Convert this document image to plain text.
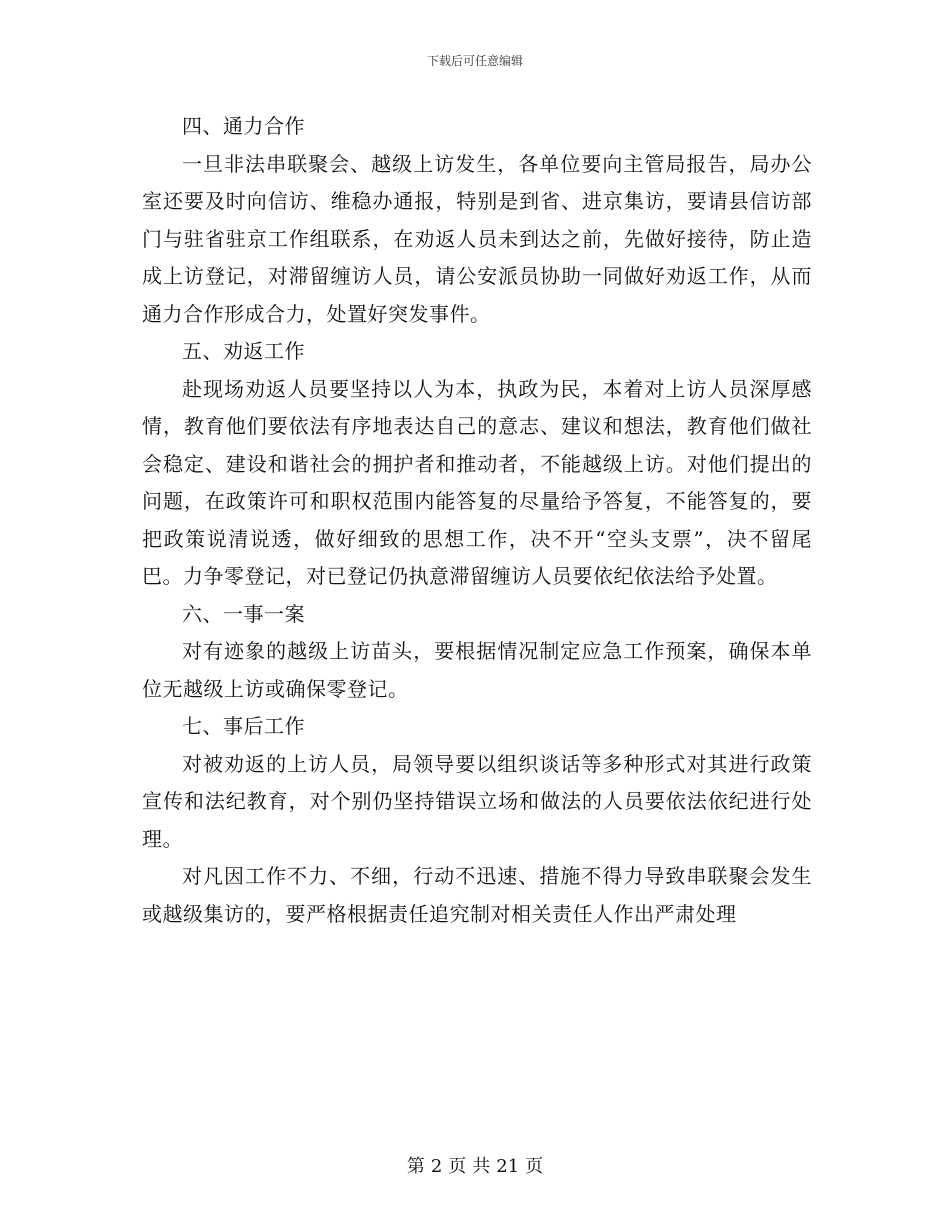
下载后可任意编辑

四、通力合作

一旦非法串联聚会、越级上访发生，各单位要向主管局报告，局办公室还要及时向信访、维稳办通报，特别是到省、进京集访，要请县信访部门与驻省驻京工作组联系，在劝返人员未到达之前，先做好接待，防止造成上访登记，对滞留缠访人员，请公安派员协助一同做好劝返工作，从而通力合作形成合力，处置好突发事件。

五、劝返工作

赴现场劝返人员要坚持以人为本，执政为民，本着对上访人员深厚感情，教育他们要依法有序地表达自己的意志、建议和想法，教育他们做社会稳定、建设和谐社会的拥护者和推动者，不能越级上访。对他们提出的问题，在政策许可和职权范围内能答复的尽量给予答复，不能答复的，要把政策说清说透，做好细致的思想工作，决不开“空头支票”，决不留尾巴。力争零登记，对已登记仍执意滞留缠访人员要依纪依法给予处置。

六、一事一案

对有迹象的越级上访苗头，要根据情况制定应急工作预案，确保本单位无越级上访或确保零登记。

七、事后工作

对被劝返的上访人员，局领导要以组织谈话等多种形式对其进行政策宣传和法纪教育，对个别仍坚持错误立场和做法的人员要依法依纪进行处理。

对凡因工作不力、不细，行动不迅速、措施不得力导致串联聚会发生或越级集访的，要严格根据责任追究制对相关责任人作出严肃处理

第 2 页 共 21 页
